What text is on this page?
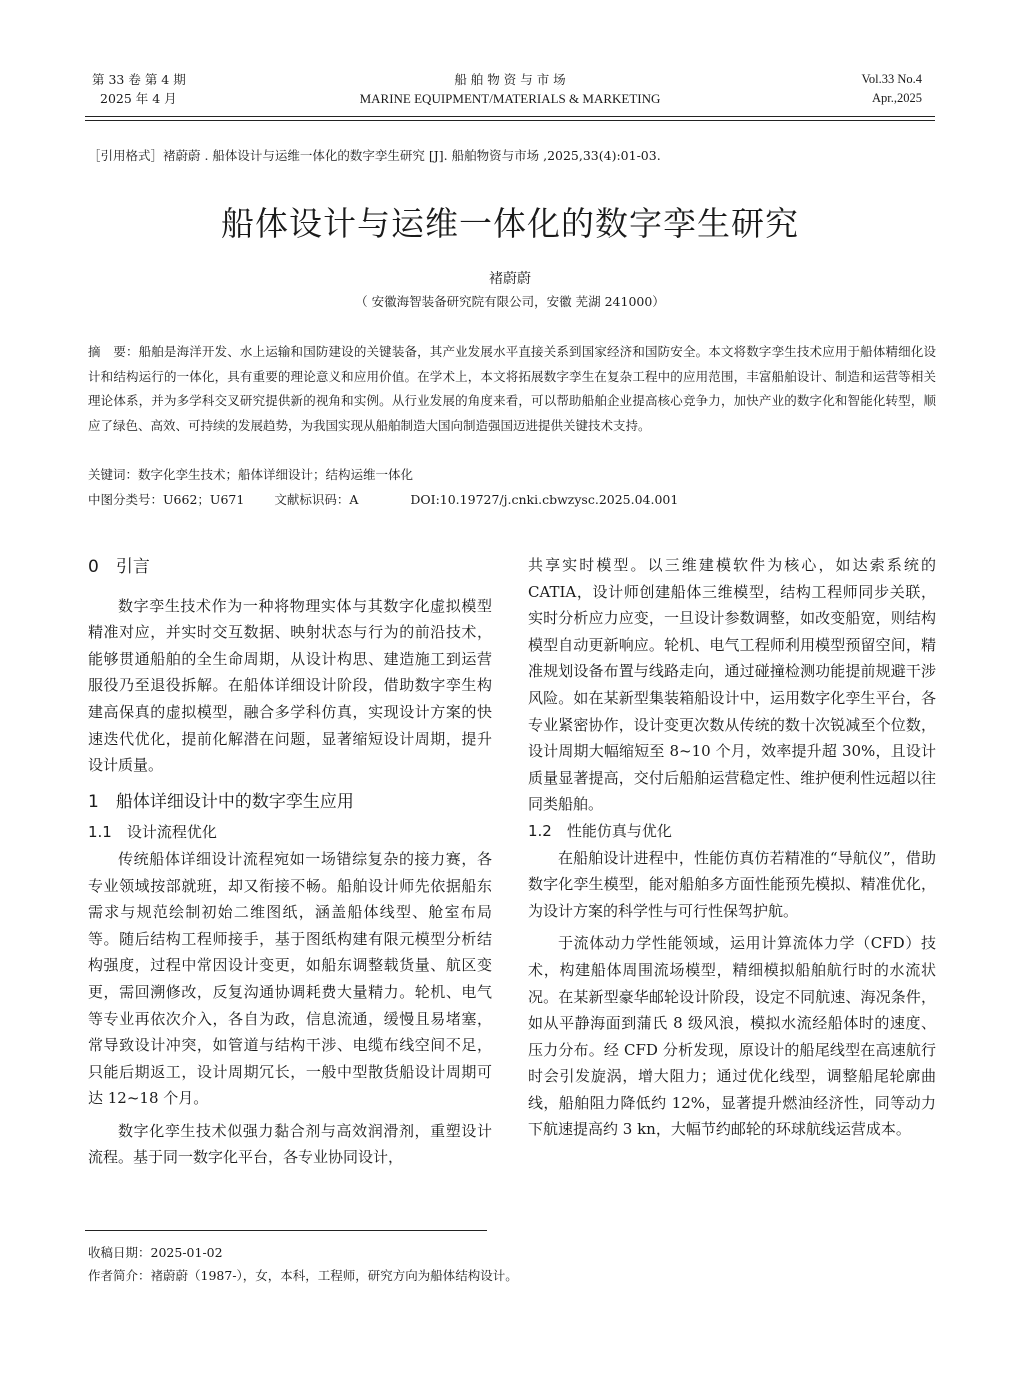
第 33 卷 第 4 期
2025 年 4 月
船 舶 物 资 与 市 场
MARINE EQUIPMENT/MATERIALS & MARKETING
Vol.33 No.4
Apr.,2025
［引用格式］褚蔚蔚 . 船体设计与运维一体化的数字孪生研究 [J]. 船舶物资与市场 ,2025,33(4):01-03.
船体设计与运维一体化的数字孪生研究
褚蔚蔚
（ 安徽海智装备研究院有限公司，安徽 芜湖 241000）
摘　要：船舶是海洋开发、水上运输和国防建设的关键装备，其产业发展水平直接关系到国家经济和国防安全。本文将数字孪生技术应用于船体精细化设计和结构运行的一体化，具有重要的理论意义和应用价值。在学术上，本文将拓展数字孪生在复杂工程中的应用范围，丰富船舶设计、制造和运营等相关理论体系，并为多学科交叉研究提供新的视角和实例。从行业发展的角度来看，可以帮助船舶企业提高核心竞争力，加快产业的数字化和智能化转型，顺应了绿色、高效、可持续的发展趋势，为我国实现从船舶制造大国向制造强国迈进提供关键技术支持。
关键词：数字化孪生技术；船体详细设计；结构运维一体化
中图分类号：U662；U671 文献标识码：A	DOI:10.19727/j.cnki.cbwzysc.2025.04.001
0　引言

数字孪生技术作为一种将物理实体与其数字化虚拟模型精准对应，并实时交互数据、映射状态与行为的前沿技术，能够贯通船舶的全生命周期，从设计构思、建造施工到运营服役乃至退役拆解。在船体详细设计阶段，借助数字孪生构建高保真的虚拟模型，融合多学科仿真，实现设计方案的快速迭代优化，提前化解潜在问题，显著缩短设计周期，提升设计质量。

1　船体详细设计中的数字孪生应用
1.1　设计流程优化

传统船体详细设计流程宛如一场错综复杂的接力赛，各专业领域按部就班，却又衔接不畅。船舶设计师先依据船东需求与规范绘制初始二维图纸，涵盖船体线型、舱室布局等。随后结构工程师接手，基于图纸构建有限元模型分析结构强度，过程中常因设计变更，如船东调整载货量、航区变更，需回溯修改，反复沟通协调耗费大量精力。轮机、电气等专业再依次介入，各自为政，信息流通，缓慢且易堵塞，常导致设计冲突，如管道与结构干涉、电缆布线空间不足，只能后期返工，设计周期冗长，一般中型散货船设计周期可达 12~18 个月。

数字化孪生技术似强力黏合剂与高效润滑剂，重塑设计流程。基于同一数字化平台，各专业协同设计，

共享实时模型。以三维建模软件为核心，如达索系统的 CATIA，设计师创建船体三维模型，结构工程师同步关联，实时分析应力应变，一旦设计参数调整，如改变船宽，则结构模型自动更新响应。轮机、电气工程师利用模型预留空间，精准规划设备布置与线路走向，通过碰撞检测功能提前规避干涉风险。如在某新型集装箱船设计中，运用数字化孪生平台，各专业紧密协作，设计变更次数从传统的数十次锐减至个位数，设计周期大幅缩短至 8~10 个月，效率提升超 30%，且设计质量显著提高，交付后船舶运营稳定性、维护便利性远超以往同类船舶。

1.2　性能仿真与优化

在船舶设计进程中，性能仿真仿若精准的“导航仪”，借助数字化孪生模型，能对船舶多方面性能预先模拟、精准优化，为设计方案的科学性与可行性保驾护航。

于流体动力学性能领域，运用计算流体力学（CFD）技术，构建船体周围流场模型，精细模拟船舶航行时的水流状况。在某新型豪华邮轮设计阶段，设定不同航速、海况条件，如从平静海面到蒲氏 8 级风浪，模拟水流经船体时的速度、压力分布。经 CFD 分析发现，原设计的船尾线型在高速航行时会引发旋涡，增大阻力；通过优化线型，调整船尾轮廓曲线，船舶阻力降低约 12%，显著提升燃油经济性，同等动力下航速提高约 3 kn，大幅节约邮轮的环球航线运营成本。

收稿日期：2025-01-02
作者简介：褚蔚蔚（1987-），女，本科，工程师，研究方向为船体结构设计。
